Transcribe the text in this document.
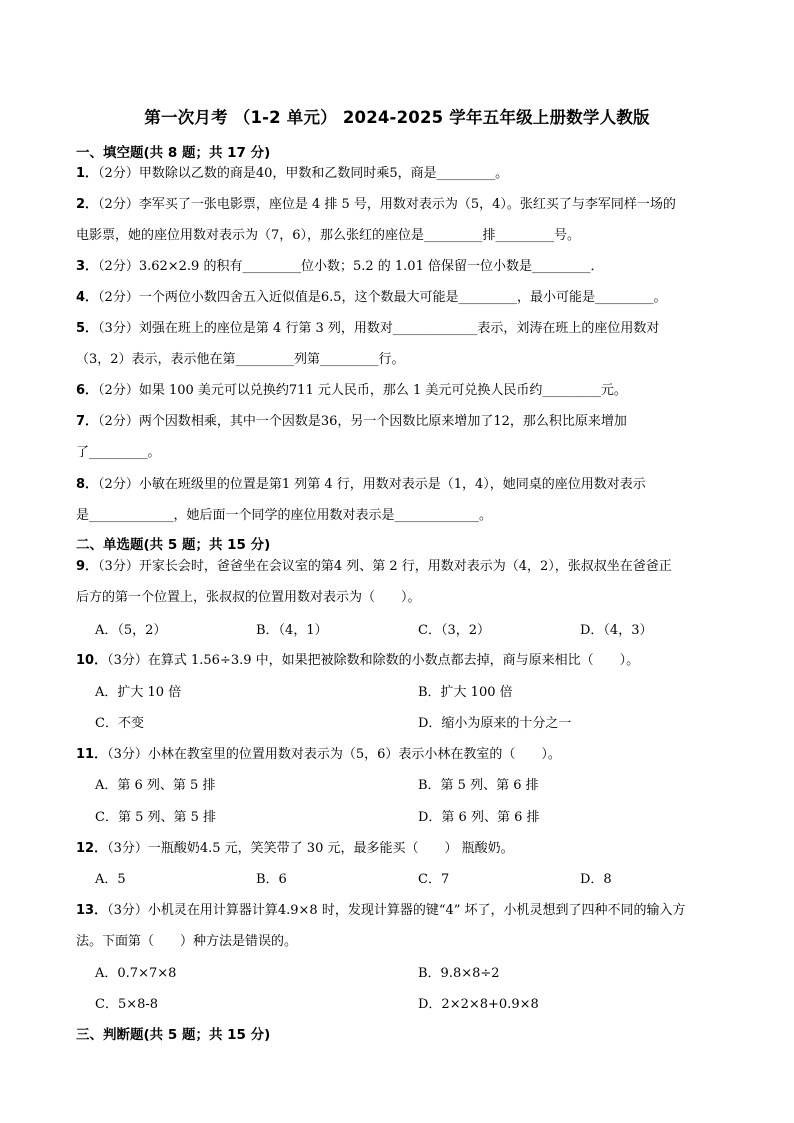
第一次月考 （1-2 单元） 2024-2025 学年五年级上册数学人教版
一、填空题(共 8 题；共 17 分)
1．（2分）甲数除以乙数的商是40，甲数和乙数同时乘5，商是_________。
2．（2分）李军买了一张电影票，座位是 4 排 5 号，用数对表示为（5，4）。张红买了与李军同样一场的
电影票，她的座位用数对表示为（7，6），那么张红的座位是_________排_________号。
3．（2分）3.62×2.9 的积有_________位小数；5.2 的 1.01 倍保留一位小数是_________．
4．（2分）一个两位小数四舍五入近似值是6.5，这个数最大可能是_________，最小可能是_________。
5．（3分）刘强在班上的座位是第 4 行第 3 列，用数对_____________表示，刘涛在班上的座位用数对
（3，2）表示，表示他在第_________列第_________行。
6．（2分）如果 100 美元可以兑换约711 元人民币，那么 1 美元可兑换人民币约_________元。
7．（2分）两个因数相乘，其中一个因数是36，另一个因数比原来增加了12，那么积比原来增加
了_________。
8．（2分）小敏在班级里的位置是第1 列第 4 行，用数对表示是（1，4），她同桌的座位用数对表示
是_____________，她后面一个同学的座位用数对表示是_____________。
二、单选题(共 5 题；共 15 分)
9．（3分）开家长会时，爸爸坐在会议室的第4 列、第 2 行，用数对表示为（4，2），张叔叔坐在爸爸正
后方的第一个位置上，张叔叔的位置用数对表示为（　　）。
A．（5，2）	B．（4，1）	C．（3，2）	D．（4，3）
10．（3分）在算式 1.56÷3.9 中，如果把被除数和除数的小数点都去掉，商与原来相比（　　）。
A．扩大 10 倍	B．扩大 100 倍
C．不变	D．缩小为原来的十分之一
11．（3分）小林在教室里的位置用数对表示为（5，6）表示小林在教室的（　　）。
A．第 6 列、第 5 排	B．第 5 列、第 6 排
C．第 5 列、第 5 排	D．第 6 列、第 6 排
12．（3分）一瓶酸奶4.5 元，笑笑带了 30 元，最多能买（　　） 瓶酸奶。
A．5	B．6	C．7	D．8
13．（3分）小机灵在用计算器计算4.9×8 时，发现计算器的键“4” 坏了，小机灵想到了四种不同的输入方
法。下面第（　　）种方法是错误的。
A．0.7×7×8	B．9.8×8÷2
C．5×8-8	D．2×2×8+0.9×8
三、判断题(共 5 题；共 15 分)
